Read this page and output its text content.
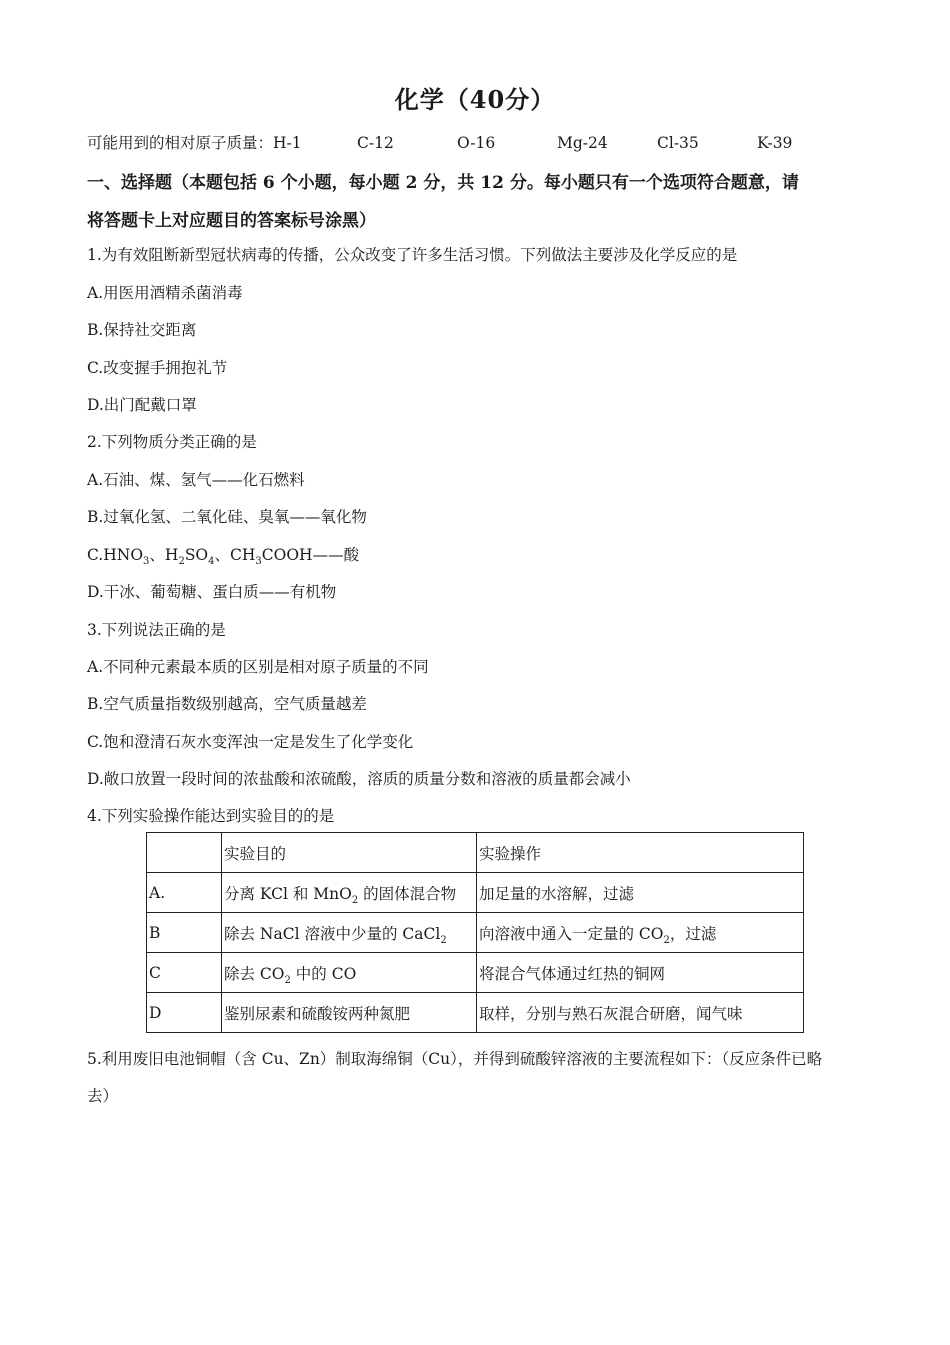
化学（40分）
可能用到的相对原子质量：H-1	C-12	O-16	Mg-24	Cl-35	K-39
一、选择题（本题包括 6 个小题，每小题 2 分，共 12 分。每小题只有一个选项符合题意，请
将答题卡上对应题目的答案标号涂黑）
1.为有效阻断新型冠状病毒的传播，公众改变了许多生活习惯。下列做法主要涉及化学反应的是
A.用医用酒精杀菌消毒
B.保持社交距离
C.改变握手拥抱礼节
D.出门配戴口罩
2.下列物质分类正确的是
A.石油、煤、氢气——化石燃料
B.过氧化氢、二氧化硅、臭氧——氧化物
$C.HNO_3$、$H_2SO_4$、$CH_3COOH——$酸
D.干冰、葡萄糖、蛋白质——有机物
3.下列说法正确的是
A.不同种元素最本质的区别是相对原子质量的不同
B.空气质量指数级别越高，空气质量越差
C.饱和澄清石灰水变浑浊一定是发生了化学变化
D.敞口放置一段时间的浓盐酸和浓硫酸，溶质的质量分数和溶液的质量都会减小
4.下列实验操作能达到实验目的的是
	实验目的	实验操作
A.	分离 KCl 和 MnO$_2$ 的固体混合物	加足量的水溶解，过滤
B	除去 NaCl 溶液中少量的 CaCl$_2$	向溶液中通入一定量的 $CO_2$，过滤
C	除去 $CO_2$ 中的 CO	将混合气体通过红热的铜网
D	鉴别尿素和硫酸铵两种氮肥	取样，分别与熟石灰混合研磨，闻气味
5.利用废旧电池铜帽（含 Cu、Zn）制取海绵铜（Cu），并得到硫酸锌溶液的主要流程如下：（反应条件已略
去）
